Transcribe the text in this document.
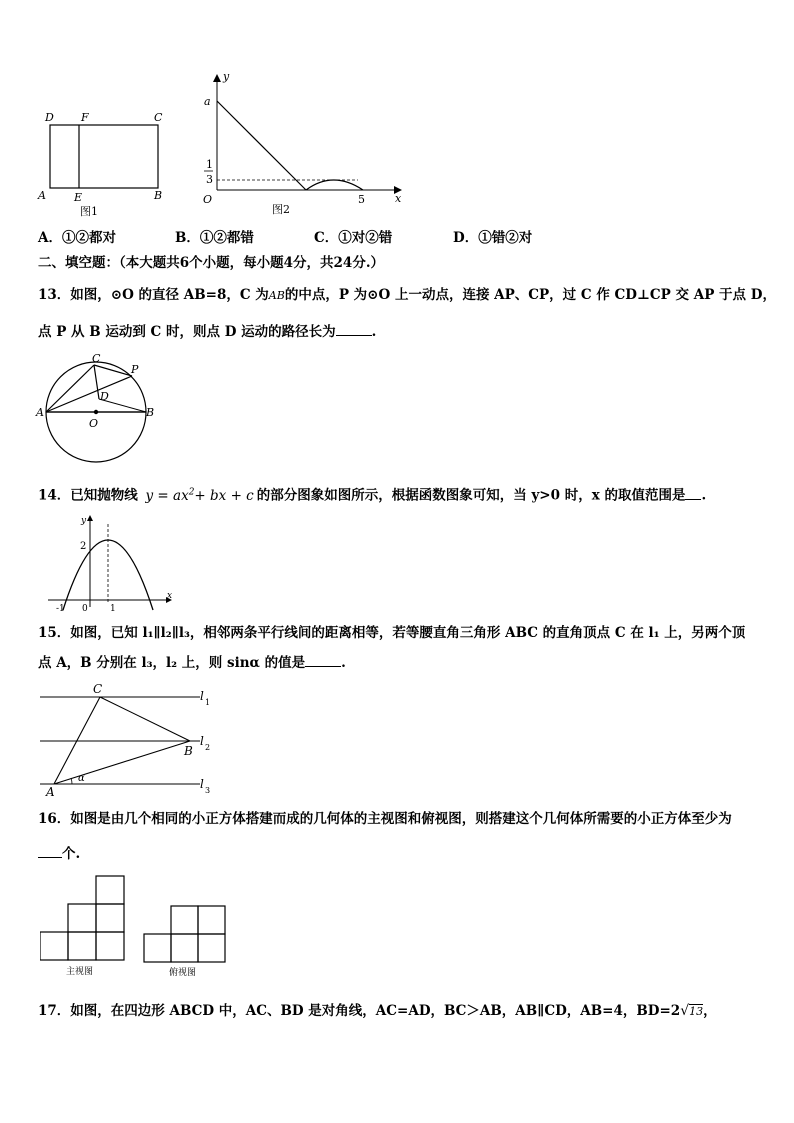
D F	C
A	E	B
图1
y
x
a
1
3
O	5
图2
A．①②都对	B．①②都错	C．①对②错	D．①错②对
二、填空题：（本大题共6个小题，每小题4分，共24分.）
13．如图，⊙O 的直径 AB=8，C 为AB的中点，P 为⊙O 上一动点，连接 AP、CP，过 C 作 CD⊥CP 交 AP 于点 D，
点 P 从 B 运动到 C 时，则点 D 运动的路径长为	.
C
P
D
A
O
B
14．已知抛物线 $y = ax^2+$ bx + c 的部分图象如图所示，根据函数图象可知，当 y>0 时，x 的取值范围是 .
y
x
2
-1 0 1
15．如图，已知 l₁∥l₂∥l₃，相邻两条平行线间的距离相等，若等腰直角三角形 ABC 的直角顶点 C 在 l₁ 上，另两个顶
点 A，B 分别在 l₃，l₂ 上，则 sinα 的值是	.
C
B
A
α
l 1
l 2
l 3
16．如图是由几个相同的小正方体搭建而成的几何体的主视图和俯视图，则搭建这个几何体所需要的小正方体至少为
个.
主视图	俯视图
17．如图，在四边形 ABCD 中，AC、BD 是对角线，AC=AD，BC＞AB，AB∥CD，AB=4，BD=2√13，
